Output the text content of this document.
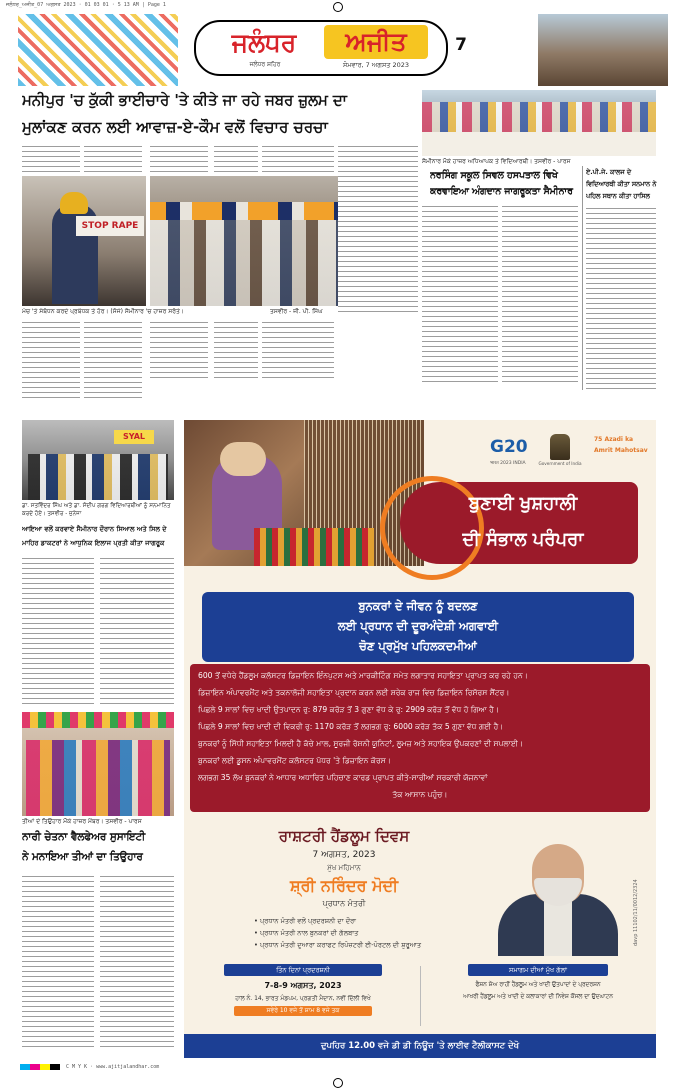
ਜਲੰਧਰ_ਅਜੀਤ_07 ਅਗਸਤ 2023 · 01 03 01 · 5 13 AM | Page 1
ਜਲੰਧਰ	ਅਜੀਤ
ਜਲੰਧਰ ਸ਼ਹਿਰ	ਸੋਮਵਾਰ, 7 ਅਗਸਤ 2023
7
ਮਨੀਪੁਰ 'ਚ ਕੁੱਕੀ ਭਾਈਚਾਰੇ 'ਤੇ ਕੀਤੇ ਜਾ ਰਹੇ ਜਬਰ ਜ਼ੁਲਮ ਦਾ
ਮੁਲਾਂਕਣ ਕਰਨ ਲਈ ਆਵਾਜ਼-ਏ-ਕੌਮ ਵਲੋਂ ਵਿਚਾਰ ਚਰਚਾ
STOP RAPE
ਮੰਚ 'ਤੇ ਸੰਬੋਧਨ ਕਰਦੇ ਪ੍ਰਬੰਧਕ ਤੇ ਹੋਰ। (ਸੱਜੇ) ਸੈਮੀਨਾਰ 'ਚ ਹਾਜ਼ਰ ਸਰੋਤੇ।	ਤਸਵੀਰ - ਜੀ. ਪੀ. ਸਿੰਘ
ਸੈਮੀਨਾਰ ਮੌਕੇ ਹਾਜ਼ਰ ਅਧਿਆਪਕ ਤੇ ਵਿਦਿਆਰਥੀ। ਤਸਵੀਰ - ਪਾਰਸ
ਨਰਸਿੰਗ ਸਕੂਲ ਸਿਵਲ ਹਸਪਤਾਲ ਵਿਖੇ
ਕਰਵਾਇਆ ਅੰਗਦਾਨ ਜਾਗਰੂਕਤਾ ਸੈਮੀਨਾਰ
ਏ.ਪੀ.ਜੇ. ਕਾਲਜ ਦੇ
ਵਿਦਿਆਰਥੀ ਕੀਤਾ ਸਨਮਾਨ ਨੇ
ਪਹਿਲ ਸਥਾਨ ਕੀਤਾ ਹਾਸਿਲ
SYAL
ਡਾ. ਸਤਵਿੰਦਰ ਸਿੰਘ ਅਤੇ ਡਾ. ਸੰਦੀਪ ਗਰਗ ਵਿਦਿਆਰਥੀਆਂ ਨੂੰ ਸਨਮਾਨਿਤ ਕਰਦੇ ਹੋਏ। ਤਸਵੀਰ - ਜੁਨੇਜਾ
ਆਇਆ ਵਲੋਂ ਕਰਵਾਏ ਸੈਮੀਨਾਰ ਦੌਰਾਨ ਸਿਆਲ ਅਤੇ ਸਿਲ ਦੇ
ਮਾਹਿਰ ਡਾਕਟਰਾਂ ਨੇ ਆਧੁਨਿਕ ਇਲਾਜ ਪ੍ਰਤੀ ਕੀਤਾ ਜਾਗਰੂਕ
ਤੀਆਂ ਦੇ ਤਿਉਹਾਰ ਮੌਕੇ ਹਾਜ਼ਰ ਮੈਂਬਰ। ਤਸਵੀਰ - ਪਾਰਸ
ਨਾਰੀ ਚੇਤਨਾ ਵੈਲਫੇਅਰ ਸੁਸਾਇਟੀ
ਨੇ ਮਨਾਇਆ ਤੀਆਂ ਦਾ ਤਿਉਹਾਰ
G20
भारत 2023 INDIA	Government of India
75 Azadi ka Amrit Mahotsav
ਬੁਣਾਈ ਖੁਸ਼ਹਾਲੀ
ਦੀ ਸੰਭਾਲ ਪਰੰਪਰਾ
ਬੁਨਕਰਾਂ ਦੇ ਜੀਵਨ ਨੂੰ ਬਦਲਣ
ਲਈ ਪ੍ਰਧਾਨ ਦੀ ਦੂਰਅੰਦੇਸ਼ੀ ਅਗਵਾਈ
ਚੋਣ ਪ੍ਰਮੁੱਖ ਪਹਿਲਕਦਮੀਆਂ
600 ਤੋਂ ਵਧੇਰੇ ਹੈਂਡਲੂਮ ਕਲੱਸਟਰ ਡਿਜ਼ਾਇਨ ਇੰਨਪੁਟਸ ਅਤੇ ਮਾਰਕੀਟਿੰਗ ਸਮੇਤ ਲਗਾਤਾਰ ਸਹਾਇਤਾ ਪ੍ਰਾਪਤ ਕਰ ਰਹੇ ਹਨ।
ਡਿਜ਼ਾਇਨ ਅੰਪਾਵਰਮੈਂਟ ਅਤੇ ਤਕਨਾਲੋਜੀ ਸਹਾਇਤਾ ਪ੍ਰਦਾਨ ਕਰਨ ਲਈ ਸ਼ਰੇਕ ਰਾਜ ਵਿਚ ਡਿਜ਼ਾਇਨ ਰਿਸੋਰਸ ਸੈਂਟਰ।
ਪਿਛਲੇ 9 ਸਾਲਾਂ ਵਿਚ ਖਾਦੀ ਉਤਪਾਦਨ ਰੁ: 879 ਕਰੋੜ ਤੋਂ 3 ਗੁਣਾ ਵੱਧ ਕੇ ਰੁ: 2909 ਕਰੋੜ ਤੋਂ ਵੱਧ ਹੋ ਗਿਆ ਹੈ।
ਪਿਛਲੇ 9 ਸਾਲਾਂ ਵਿਚ ਖਾਦੀ ਦੀ ਵਿਕਰੀ ਰੁ: 1170 ਕਰੋੜ ਤੋਂ ਲਗਭਗ ਰੁ: 6000 ਕਰੋੜ ਤੱਕ 5 ਗੁਣਾ ਵੱਧ ਗਈ ਹੈ।
ਬੁਨਕਰਾਂ ਨੂੰ ਸਿੱਧੀ ਸਹਾਇਤਾ ਮਿਲਦੀ ਹੈ ਕੱਚੇ ਮਾਲ, ਸੂਰਜੀ ਰੋਸ਼ਨੀ ਯੂਨਿਟਾਂ, ਲੂਮਜ਼ ਅਤੇ ਸਹਾਇਕ ਉਪਕਰਣਾਂ ਦੀ ਸਪਲਾਈ।
ਬੁਨਕਰਾਂ ਲਈ ਡੂਸਨ ਅੰਪਾਵਰਮੈਂਟ ਕਲੱਸਟਰ ਪੱਧਰ 'ਤੇ ਡਿਜ਼ਾਇਨ ਕੋਰਸ।
ਲਗਭਗ 35 ਲੱਖ ਬੁਨਕਰਾਂ ਨੇ ਆਧਾਰ ਅਧਾਰਿਤ ਪਹਿਚਾਣ ਕਾਰਡ ਪ੍ਰਾਪਤ ਕੀਤੇ-ਸਾਰੀਆਂ ਸਰਕਾਰੀ ਯੋਜਨਾਵਾਂ
ਤੱਕ ਆਸਾਨ ਪਹੁੰਚ।
ਰਾਸ਼ਟਰੀ ਹੈਂਡਲੂਮ ਦਿਵਸ
7 ਅਗਸਤ, 2023
ਮੁੱਖ ਮਹਿਮਾਨ
ਸ਼੍ਰੀ ਨਰਿੰਦਰ ਮੋਦੀ
ਪ੍ਰਧਾਨ ਮੰਤਰੀ
• ਪ੍ਰਧਾਨ ਮੰਤਰੀ ਵਲੋਂ ਪ੍ਰਦਰਸ਼ਨੀ ਦਾ ਦੌਰਾ
• ਪ੍ਰਧਾਨ ਮੰਤਰੀ ਨਾਲ ਬੁਨਕਰਾਂ ਦੀ ਗੱਲਬਾਤ
• ਪ੍ਰਧਾਨ ਮੰਤਰੀ ਦੁਆਰਾ ਕਰਾਫਟ ਰਿਪੋਜ਼ਟਰੀ ਈ-ਪੋਰਟਲ ਦੀ ਸ਼ੁਰੂਆਤ	davp 11102/11/0012/2324
ਤਿੰਨ ਦਿਨਾਂ ਪ੍ਰਦਰਸ਼ਨੀ
7-8-9 ਅਗਸਤ, 2023
ਹਾਲ ਨੰ. 14, ਭਾਰਤ ਮੰਡਪਮ, ਪ੍ਰਗਤੀ ਮੈਦਾਨ, ਨਵੀਂ ਦਿੱਲੀ ਵਿਖੇ
ਸਵੇਰੇ 10 ਵਜੇ ਤੋਂ ਸ਼ਾਮ 8 ਵਜੇ ਤਕ
ਸਮਾਗਮ ਦੀਆਂ ਮੁੱਖ ਗੱਲਾਂ
ਫੈਸ਼ਨ ਸ਼ੋਅ ਰਾਹੀਂ ਹੈਂਡਲੂਮ ਅਤੇ ਖਾਦੀ ਉਤਪਾਦਾਂ ਦੇ ਪ੍ਰਦਰਸ਼ਨ
ਆਖਰੀ ਹੈਂਡਲੂਮ ਅਤੇ ਖਾਦੀ ਦੇ ਕਲਾਕਾਰਾਂ ਦੀ ਨਿਵੇਸ਼ ਕੌਂਸਲ ਦਾ ਉਦਘਾਟਨ
ਦੁਪਹਿਰ 12.00 ਵਜੇ ਡੀ ਡੀ ਨਿਊਜ਼ 'ਤੇ ਲਾਈਵ ਟੈਲੀਕਾਸਟ ਦੇਖੋ
C M Y K · www.ajitjalandhar.com
